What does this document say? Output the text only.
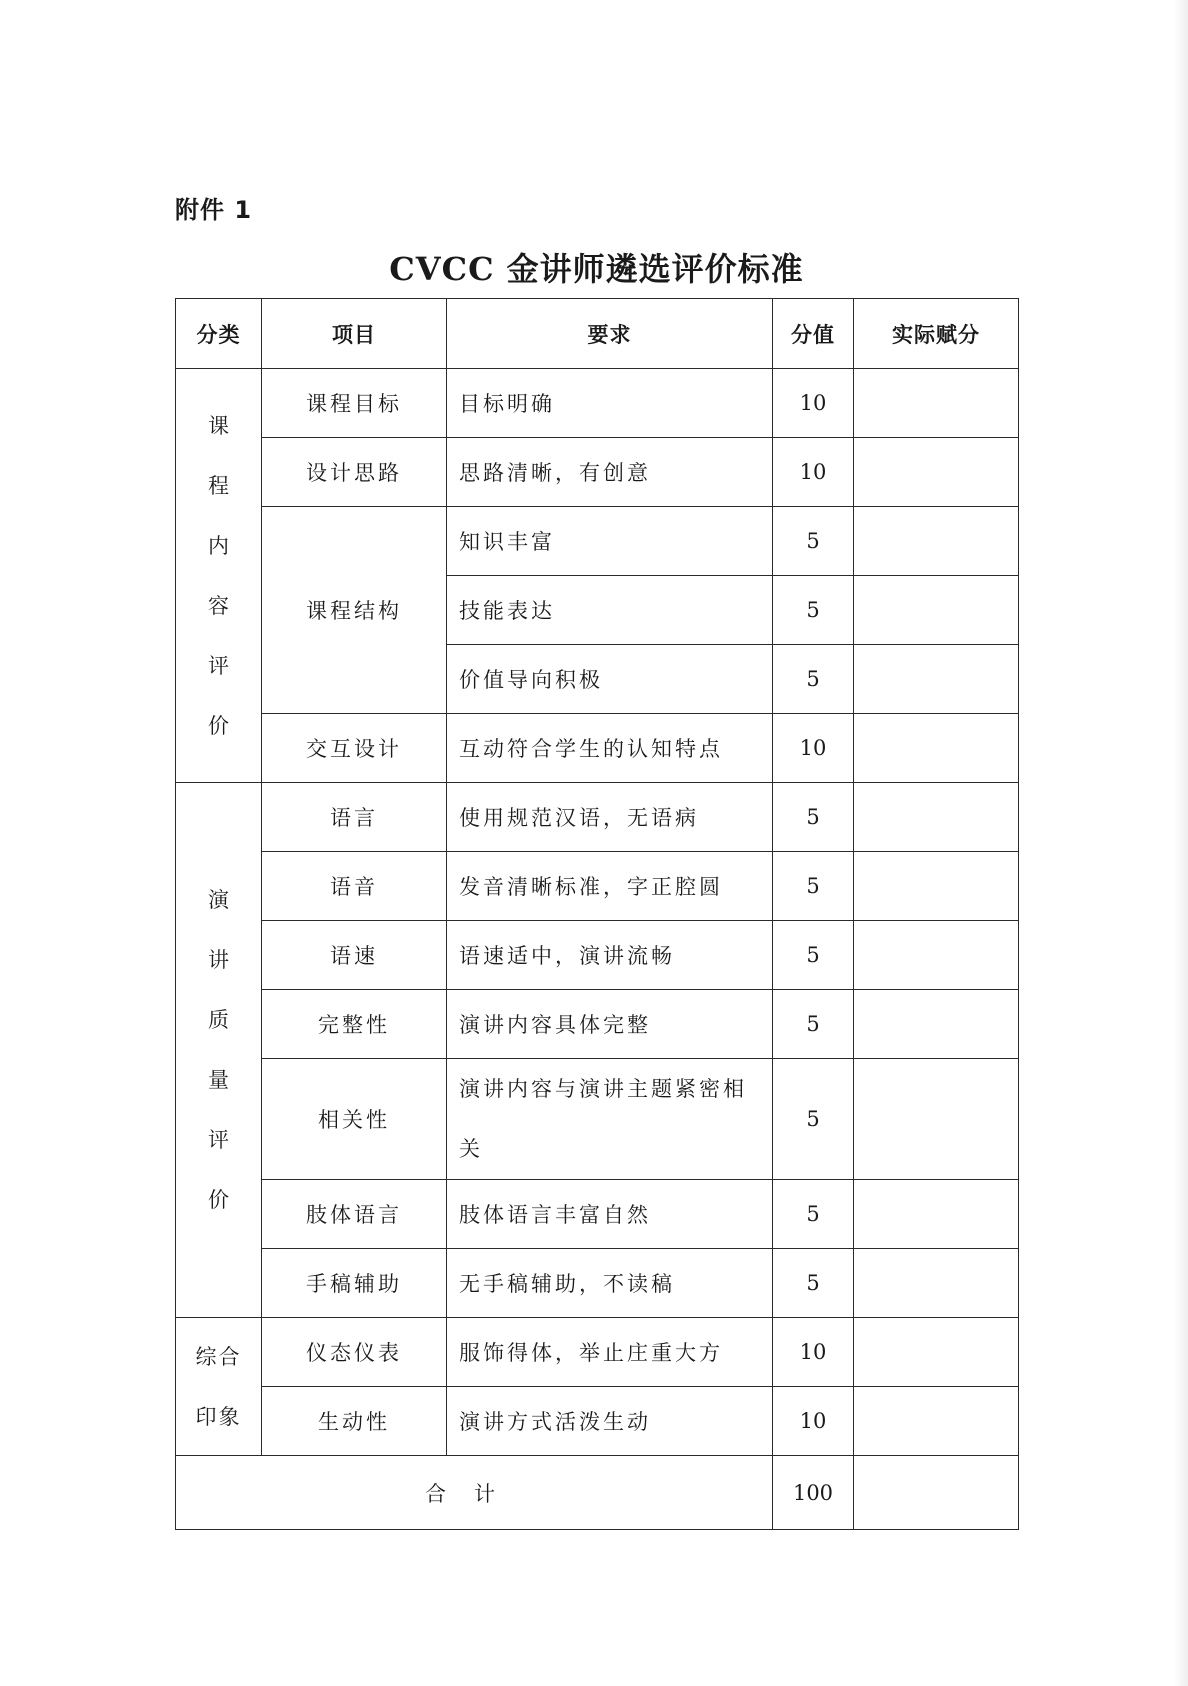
附件 1
CVCC 金讲师遴选评价标准
分类	项目	要求	分值	实际赋分
课程内容评价	课程目标	目标明确	10	
	设计思路	思路清晰，有创意	10	
	课程结构	知识丰富	5	
		技能表达	5	
		价值导向积极	5	
	交互设计	互动符合学生的认知特点	10	
演讲质量评价	语言	使用规范汉语，无语病	5	
	语音	发音清晰标准，字正腔圆	5	
	语速	语速适中，演讲流畅	5	
	完整性	演讲内容具体完整	5	
	相关性	演讲内容与演讲主题紧密相关	5	
	肢体语言	肢体语言丰富自然	5	
	手稿辅助	无手稿辅助，不读稿	5	
综合印象	仪态仪表	服饰得体，举止庄重大方	10	
	生动性	演讲方式活泼生动	10	
合计			100	
